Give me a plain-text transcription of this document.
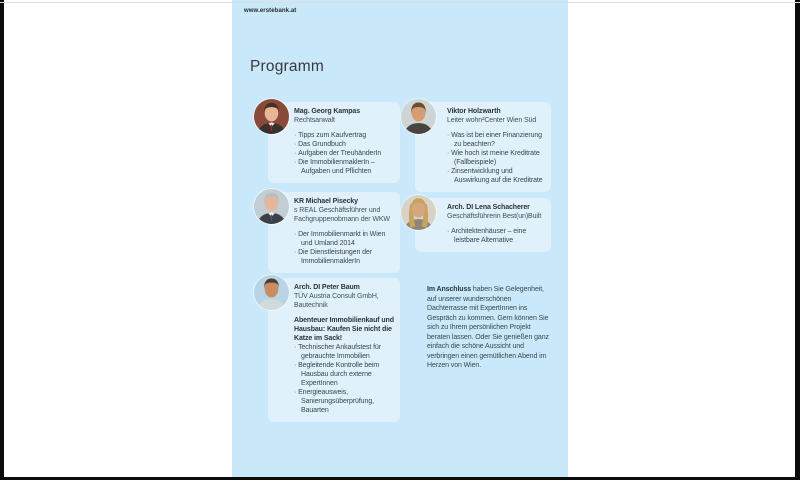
www.erstebank.at
Programm
Mag. Georg Kampas
Rechtsanwalt
· Tipps zum Kaufvertrag
· Das Grundbuch
· Aufgaben der TreuhänderIn
· Die ImmobilienmaklerIn – Aufgaben und Pflichten
Viktor Holzwarth
Leiter wohn²Center Wien Süd
· Was ist bei einer Finanzierung zu beachten?
· Wie hoch ist meine Kreditrate (Fallbeispiele)
· Zinsentwicklung und Auswirkung auf die Kreditrate
KR Michael Pisecky
s REAL Geschäftsführer und Fachgruppenobmann der WKW
· Der Immobilienmarkt in Wien und Umland 2014
· Die Dienstleistungen der ImmobilienmaklerIn
Arch. DI Lena Schacherer
Geschäftsführerin Best(un)Built
· Architektenhäuser – eine leistbare Alternative
Arch. DI Peter Baum
TÜV Austria Consult GmbH, Bautechnik
Abenteuer Immobilienkauf und Hausbau: Kaufen Sie nicht die Katze im Sack!
· Technischer Ankaufstest für gebrauchte Immobilien
· Begleitende Kontrolle beim Hausbau durch externe ExpertInnen
· Energieausweis, Sanierungsüberprüfung, Bauarten

Im Anschluss haben Sie Gelegenheit, auf unserer wunderschönen Dachterrasse mit ExpertInnen ins Gespräch zu kommen. Gern können Sie sich zu Ihrem persönlichen Projekt beraten lassen. Oder Sie genießen ganz einfach die schöne Aussicht und verbringen einen gemütlichen Abend im Herzen von Wien.
